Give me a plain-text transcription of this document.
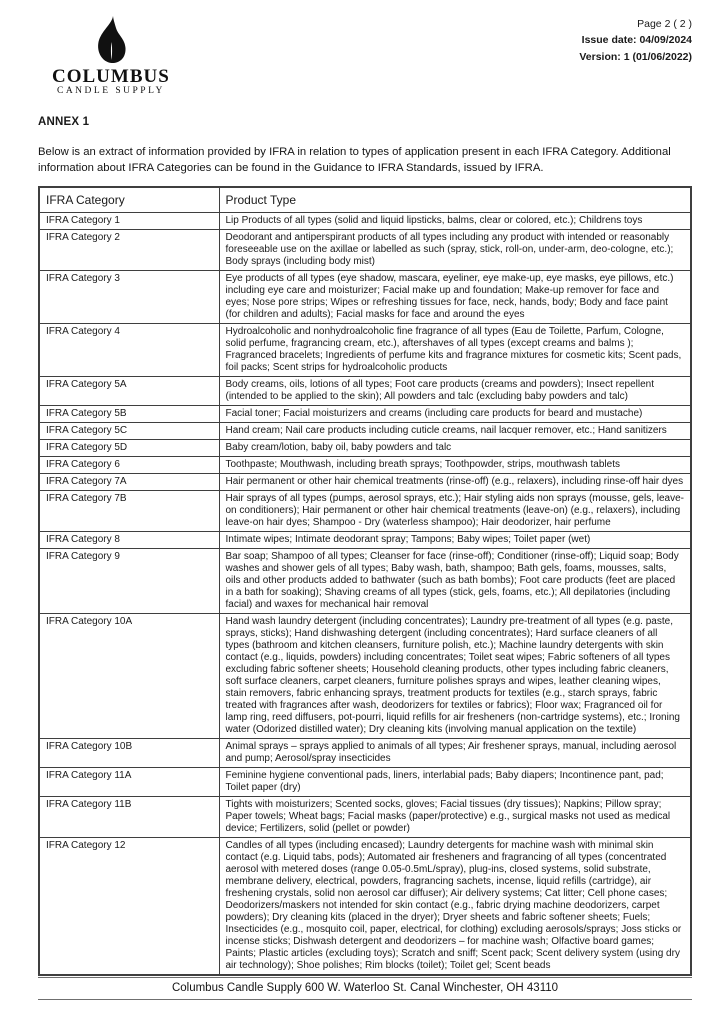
COLUMBUS
CANDLE SUPPLY
Page 2 ( 2 )
Issue date: 04/09/2024
Version: 1 (01/06/2022)
ANNEX 1

Below is an extract of information provided by IFRA in relation to types of application present in each IFRA Category. Additional information about IFRA Categories can be found in the Guidance to IFRA Standards, issued by IFRA.

IFRA Category	Product Type
IFRA Category 1	Lip Products of all types (solid and liquid lipsticks, balms, clear or colored, etc.); Childrens toys
IFRA Category 2	Deodorant and antiperspirant products of all types including any product with intended or reasonably foreseeable use on the axillae or labelled as such (spray, stick, roll-on, under-arm, deo-cologne, etc.); Body sprays (including body mist)
IFRA Category 3	Eye products of all types (eye shadow, mascara, eyeliner, eye make-up, eye masks, eye pillows, etc.) including eye care and moisturizer; Facial make up and foundation; Make-up remover for face and eyes; Nose pore strips; Wipes or refreshing tissues for face, neck, hands, body; Body and face paint (for children and adults); Facial masks for face and around the eyes
IFRA Category 4	Hydroalcoholic and nonhydroalcoholic fine fragrance of all types (Eau de Toilette, Parfum, Cologne, solid perfume, fragrancing cream, etc.), aftershaves of all types (except creams and balms ); Fragranced bracelets; Ingredients of perfume kits and fragrance mixtures for cosmetic kits; Scent pads, foil packs; Scent strips for hydroalcoholic products
IFRA Category 5A	Body creams, oils, lotions of all types; Foot care products (creams and powders); Insect repellent (intended to be applied to the skin); All powders and talc (excluding baby powders and talc)
IFRA Category 5B	Facial toner; Facial moisturizers and creams (including care products for beard and mustache)
IFRA Category 5C	Hand cream; Nail care products including cuticle creams, nail lacquer remover, etc.; Hand sanitizers
IFRA Category 5D	Baby cream/lotion, baby oil, baby powders and talc
IFRA Category 6	Toothpaste; Mouthwash, including breath sprays; Toothpowder, strips, mouthwash tablets
IFRA Category 7A	Hair permanent or other hair chemical treatments (rinse-off) (e.g., relaxers), including rinse-off hair dyes
IFRA Category 7B	Hair sprays of all types (pumps, aerosol sprays, etc.); Hair styling aids non sprays (mousse, gels, leave-on conditioners); Hair permanent or other hair chemical treatments (leave-on) (e.g., relaxers), including leave-on hair dyes; Shampoo - Dry (waterless shampoo); Hair deodorizer, hair perfume
IFRA Category 8	Intimate wipes; Intimate deodorant spray; Tampons; Baby wipes; Toilet paper (wet)
IFRA Category 9	Bar soap; Shampoo of all types; Cleanser for face (rinse-off); Conditioner (rinse-off); Liquid soap; Body washes and shower gels of all types; Baby wash, bath, shampoo; Bath gels, foams, mousses, salts, oils and other products added to bathwater (such as bath bombs); Foot care products (feet are placed in a bath for soaking); Shaving creams of all types (stick, gels, foams, etc.); All depilatories (including facial) and waxes for mechanical hair removal
IFRA Category 10A	Hand wash laundry detergent (including concentrates); Laundry pre-treatment of all types (e.g. paste, sprays, sticks); Hand dishwashing detergent (including concentrates); Hard surface cleaners of all types (bathroom and kitchen cleansers, furniture polish, etc.); Machine laundry detergents with skin contact (e.g., liquids, powders) including concentrates; Toilet seat wipes; Fabric softeners of all types excluding fabric softener sheets; Household cleaning products, other types including fabric cleaners, soft surface cleaners, carpet cleaners, furniture polishes sprays and wipes, leather cleaning wipes, stain removers, fabric enhancing sprays, treatment products for textiles (e.g., starch sprays, fabric treated with fragrances after wash, deodorizers for textiles or fabrics); Floor wax; Fragranced oil for lamp ring, reed diffusers, pot-pourri, liquid refills for air fresheners (non-cartridge systems), etc.; Ironing water (Odorized distilled water); Dry cleaning kits (involving manual application on the textile)
IFRA Category 10B	Animal sprays – sprays applied to animals of all types; Air freshener sprays, manual, including aerosol and pump; Aerosol/spray insecticides
IFRA Category 11A	Feminine hygiene conventional pads, liners, interlabial pads; Baby diapers; Incontinence pant, pad; Toilet paper (dry)
IFRA Category 11B	Tights with moisturizers; Scented socks, gloves; Facial tissues (dry tissues); Napkins; Pillow spray; Paper towels; Wheat bags; Facial masks (paper/protective) e.g., surgical masks not used as medical device; Fertilizers, solid (pellet or powder)
IFRA Category 12	Candles of all types (including encased); Laundry detergents for machine wash with minimal skin contact (e.g. Liquid tabs, pods); Automated air fresheners and fragrancing of all types (concentrated aerosol with metered doses (range 0.05-0.5mL/spray), plug-ins, closed systems, solid substrate, membrane delivery, electrical, powders, fragrancing sachets, incense, liquid refills (cartridge), air freshening crystals, solid non aerosol car diffuser); Air delivery systems; Cat litter; Cell phone cases; Deodorizers/maskers not intended for skin contact (e.g., fabric drying machine deodorizers, carpet powders); Dry cleaning kits (placed in the dryer); Dryer sheets and fabric softener sheets; Fuels; Insecticides (e.g., mosquito coil, paper, electrical, for clothing) excluding aerosols/sprays; Joss sticks or incense sticks; Dishwash detergent and deodorizers – for machine wash; Olfactive board games; Paints; Plastic articles (excluding toys); Scratch and sniff; Scent pack; Scent delivery system (using dry air technology); Shoe polishes; Rim blocks (toilet); Toilet gel; Scent beads
Columbus Candle Supply 600 W. Waterloo St. Canal Winchester, OH 43110
